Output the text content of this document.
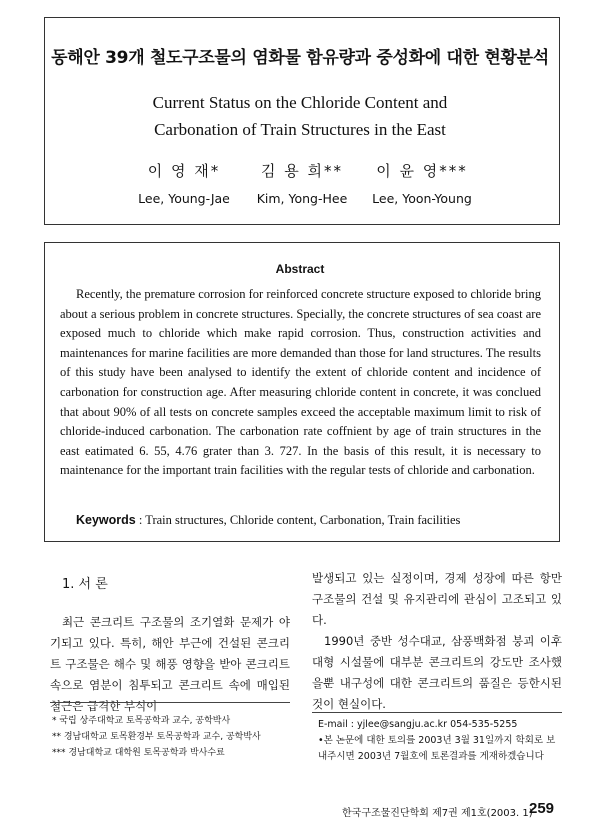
동해안 39개 철도구조물의 염화물 함유량과 중성화에 대한 현황분석
Current Status on the Chloride Content and
Carbonation of Train Structures in the East
이 영 재*
Lee, Young-Jae
김 용 희**
Kim, Yong-Hee
이 윤 영***
Lee, Yoon-Young
Abstract
Recently, the premature corrosion for reinforced concrete structure exposed to chloride bring about a serious problem in concrete structures. Specially, the concrete structures of sea coast are exposed much to chloride which make rapid corrosion. Thus, construction activities and maintenances for marine facilities are more demanded than those for land structures. The results of this study have been analysed to identify the extent of chloride content and incidence of carbonation for construction age. After measuring chloride content in concrete, it was conclued that about 90% of all tests on concrete samples exceed the acceptable maximum limit to risk of chloride-induced carbonation. The carbonation rate coffnient by age of train structures in the east eatimated 6. 55, 4.76 grater than 3. 727. In the basis of this result, it is necessary to maintenance for the important train facilities with the regular tests of chloride and carbonation.
Keywords : Train structures, Chloride content, Carbonation, Train facilities
1. 서 론
최근 콘크리트 구조물의 조기열화 문제가 야기되고 있다. 특히, 해안 부근에 건설된 콘크리트 구조물은 해수 및 해풍 영향을 받아 콘크리트 속으로 염분이 침투되고 콘크리트 속에 매입된 철근은 급격한 부식이

발생되고 있는 실정이며, 경제 성장에 따른 항만 구조물의 건설 및 유지관리에 관심이 고조되고 있다.

1990년 중반 성수대교, 삼풍백화점 붕괴 이후 대형 시설물에 대부분 콘크리트의 강도만 조사했을뿐 내구성에 대한 콘크리트의 품질은 등한시된 것이 현실이다.

* 국립 상주대학교 토목공학과 교수, 공학박사
** 경남대학교 토목환경부 토목공학과 교수, 공학박사
*** 경남대학교 대학원 토목공학과 박사수료
E-mail : yjlee@sangju.ac.kr 054-535-5255
•본 논문에 대한 토의를 2003년 3월 31일까지 학회로 보내주시면 2003년 7월호에 토론결과를 게재하겠습니다
한국구조물진단학회 제7권 제1호(2003. 1)
259
